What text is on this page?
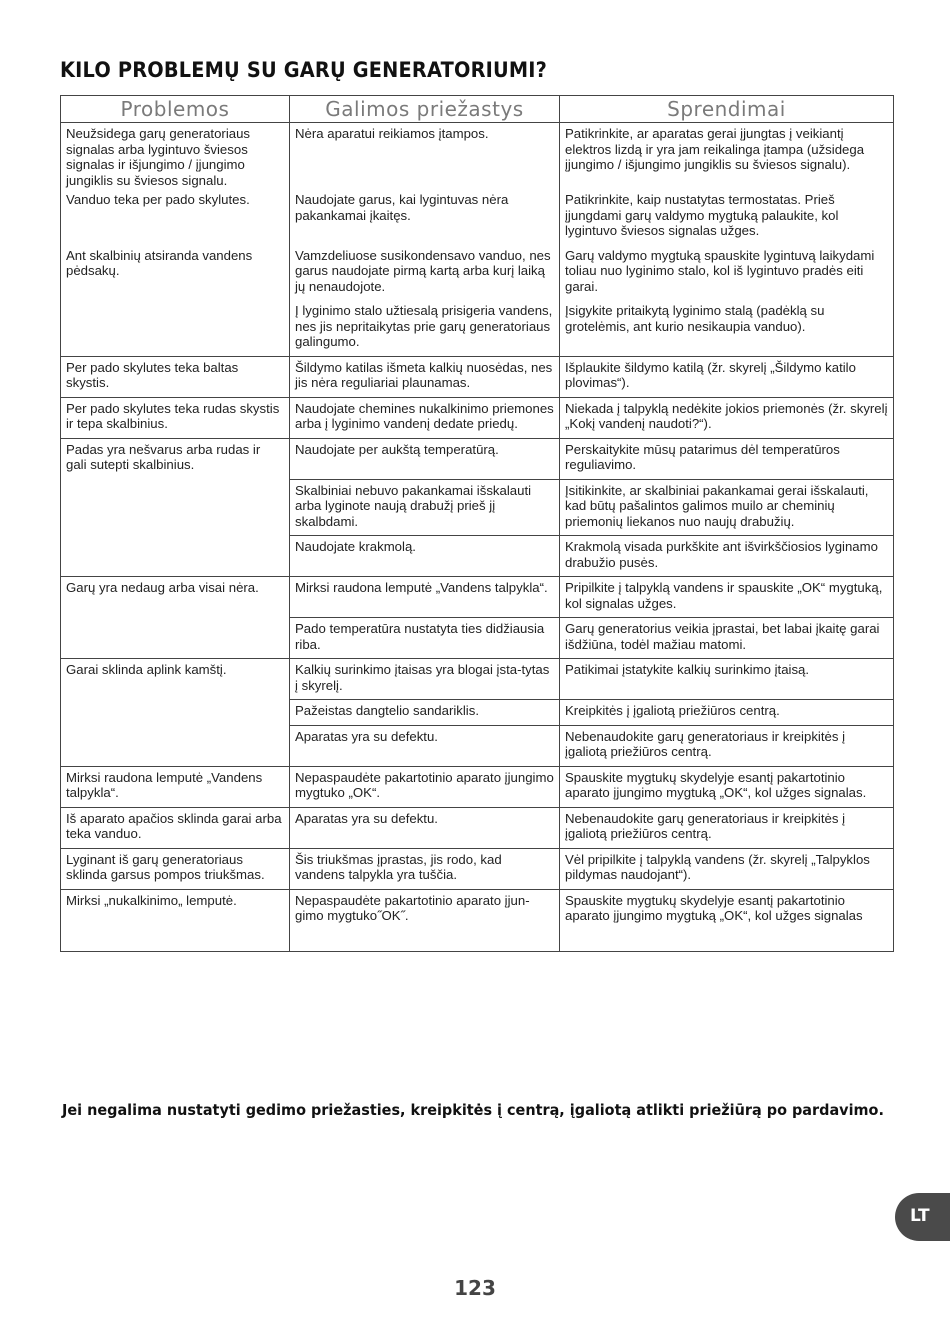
KILO PROBLEMŲ SU GARŲ GENERATORIUMI?
Problemos	Galimos priežastys	Sprendimai
Neužsidega garų generatoriaus signalas arba lygintuvo šviesos signalas ir išjungimo / įjungimo jungiklis su šviesos signalu.	Nėra aparatui reikiamos įtampos.	Patikrinkite, ar aparatas gerai įjungtas į veikiantį elektros lizdą ir yra jam reikalinga įtampa (užsidega įjungimo / išjungimo jungiklis su šviesos signalu).
Vanduo teka per pado skylutes.	Naudojate garus, kai lygintuvas nėra pakankamai įkaitęs.	Patikrinkite, kaip nustatytas termostatas. Prieš įjungdami garų valdymo mygtuką palaukite, kol lygintuvo šviesos signalas užges.
Ant skalbinių atsiranda vandens pėdsakų.	Vamzdeliuose susikondensavo vanduo, nes garus naudojate pirmą kartą arba kurį laiką jų nenaudojote.	Garų valdymo mygtuką spauskite lygintuvą laikydami toliau nuo lyginimo stalo, kol iš lygintuvo pradės eiti garai.
	Į lyginimo stalo užtiesalą prisigeria vandens, nes jis nepritaikytas prie garų generatoriaus galingumo.	Įsigykite pritaikytą lyginimo stalą (padėklą su grotelėmis, ant kurio nesikaupia vanduo).
Per pado skylutes teka baltas skystis.	Šildymo katilas išmeta kalkių nuosėdas, nes jis nėra reguliariai plaunamas.	Išplaukite šildymo katilą (žr. skyrelį „Šildymo katilo plovimas“).
Per pado skylutes teka rudas skystis ir tepa skalbinius.	Naudojate chemines nukalkinimo priemones arba į lyginimo vandenį dedate priedų.	Niekada į talpyklą nedėkite jokios priemonės (žr. skyrelį „Kokį vandenį naudoti?“).
Padas yra nešvarus arba rudas ir gali sutepti skalbinius.	Naudojate per aukštą temperatūrą.	Perskaitykite mūsų patarimus dėl temperatūros reguliavimo.
	Skalbiniai nebuvo pakankamai išskalauti arba lyginote naują drabužį prieš jį skalbdami.	Įsitikinkite, ar skalbiniai pakankamai gerai išskalauti, kad būtų pašalintos galimos muilo ar cheminių priemonių liekanos nuo naujų drabužių.
	Naudojate krakmolą.	Krakmolą visada purkškite ant išvirkščiosios lyginamo drabužio pusės.
Garų yra nedaug arba visai nėra.	Mirksi raudona lemputė „Vandens talpykla“.	Pripilkite į talpyklą vandens ir spauskite „OK“ mygtuką, kol signalas užges.
	Pado temperatūra nustatyta ties didžiausia riba.	Garų generatorius veikia įprastai, bet labai įkaitę garai išdžiūna, todėl mažiau matomi.
Garai sklinda aplink kamštį.	Kalkių surinkimo įtaisas yra blogai įsta-tytas į skyrelį.	Patikimai įstatykite kalkių surinkimo įtaisą.
	Pažeistas dangtelio sandariklis.	Kreipkitės į įgaliotą priežiūros centrą.
	Aparatas yra su defektu.	Nebenaudokite garų generatoriaus ir kreipkitės į įgaliotą priežiūros centrą.
Mirksi raudona lemputė „Vandens talpykla“.	Nepaspaudėte pakartotinio aparato įjungimo mygtuko „OK“.	Spauskite mygtukų skydelyje esantį pakartotinio aparato įjungimo mygtuką „OK“, kol užges signalas.
Iš aparato apačios sklinda garai arba teka vanduo.	Aparatas yra su defektu.	Nebenaudokite garų generatoriaus ir kreipkitės į įgaliotą priežiūros centrą.
Lyginant iš garų generatoriaus sklinda garsus pompos triukšmas.	Šis triukšmas įprastas, jis rodo, kad vandens talpykla yra tuščia.	Vėl pripilkite į talpyklą vandens (žr. skyrelį „Talpyklos pildymas naudojant“).
Mirksi „nukalkinimo„ lemputė.	Nepaspaudėte pakartotinio aparato įjun-gimo mygtuko˝OK˝.	Spauskite mygtukų skydelyje esantį pakartotinio aparato įjungimo mygtuką „OK“, kol užges signalas

Jei negalima nustatyti gedimo priežasties, kreipkitės į centrą, įgaliotą atlikti priežiūrą po pardavimo.

LT
123
